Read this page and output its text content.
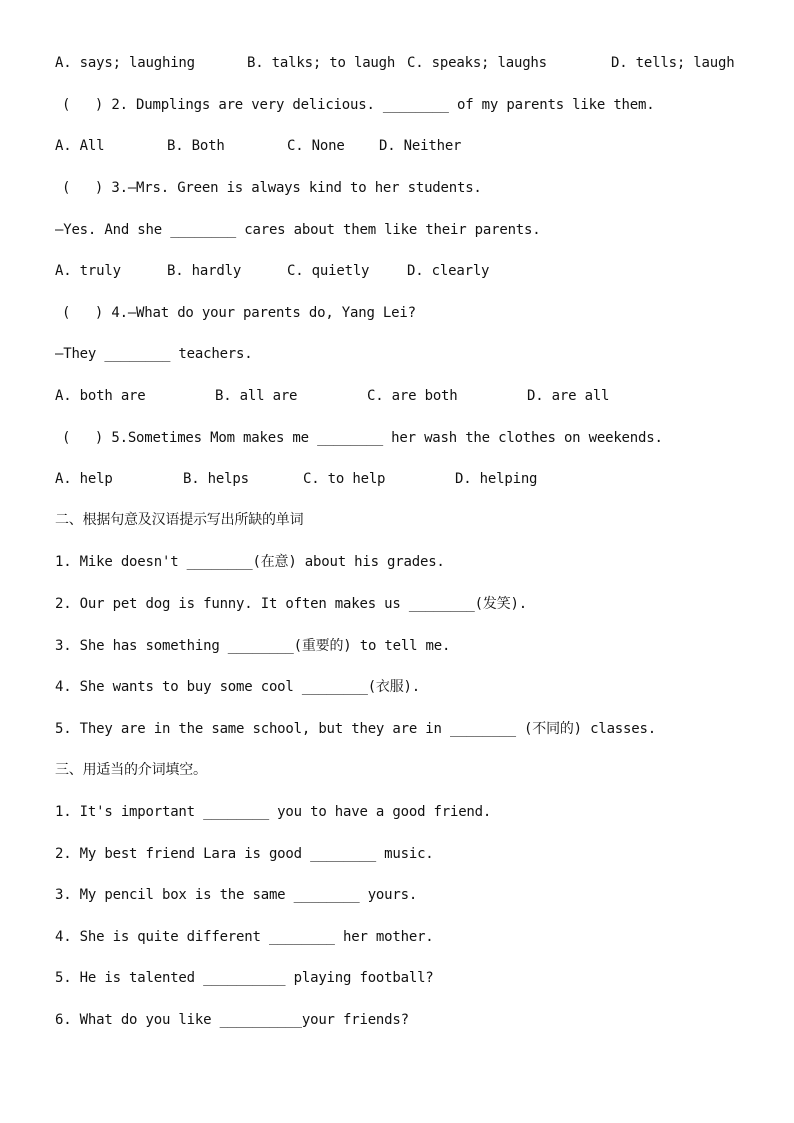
A. says; laughing	B. talks; to laugh C. speaks; laughs	D. tells; laugh
(   ) 2. Dumplings are very delicious. ________ of my parents like them.
A. All	B. Both	C. None	D. Neither
(   ) 3.—Mrs. Green is always kind to her students.
—Yes. And she ________ cares about them like their parents.
A. truly	B. hardly	C. quietly	D. clearly
(   ) 4.—What do your parents do, Yang Lei?
—They ________ teachers.
A. both are	B. all are	C. are both	D. are all
(   ) 5.Sometimes Mom makes me ________ her wash the clothes on weekends.
A. help	B. helps	C. to help	D. helping
二、根据句意及汉语提示写出所缺的单词
1. Mike doesn't ________(在意) about his grades.
2. Our pet dog is funny. It often makes us ________(发笑).
3. She has something ________(重要的) to tell me.
4. She wants to buy some cool ________(衣服).
5. They are in the same school, but they are in ________ (不同的) classes.
三、用适当的介词填空。
1. It's important ________ you to have a good friend.
2. My best friend Lara is good ________ music.
3. My pencil box is the same ________ yours.
4. She is quite different ________ her mother.
5. He is talented __________ playing football?
6. What do you like __________your friends?
